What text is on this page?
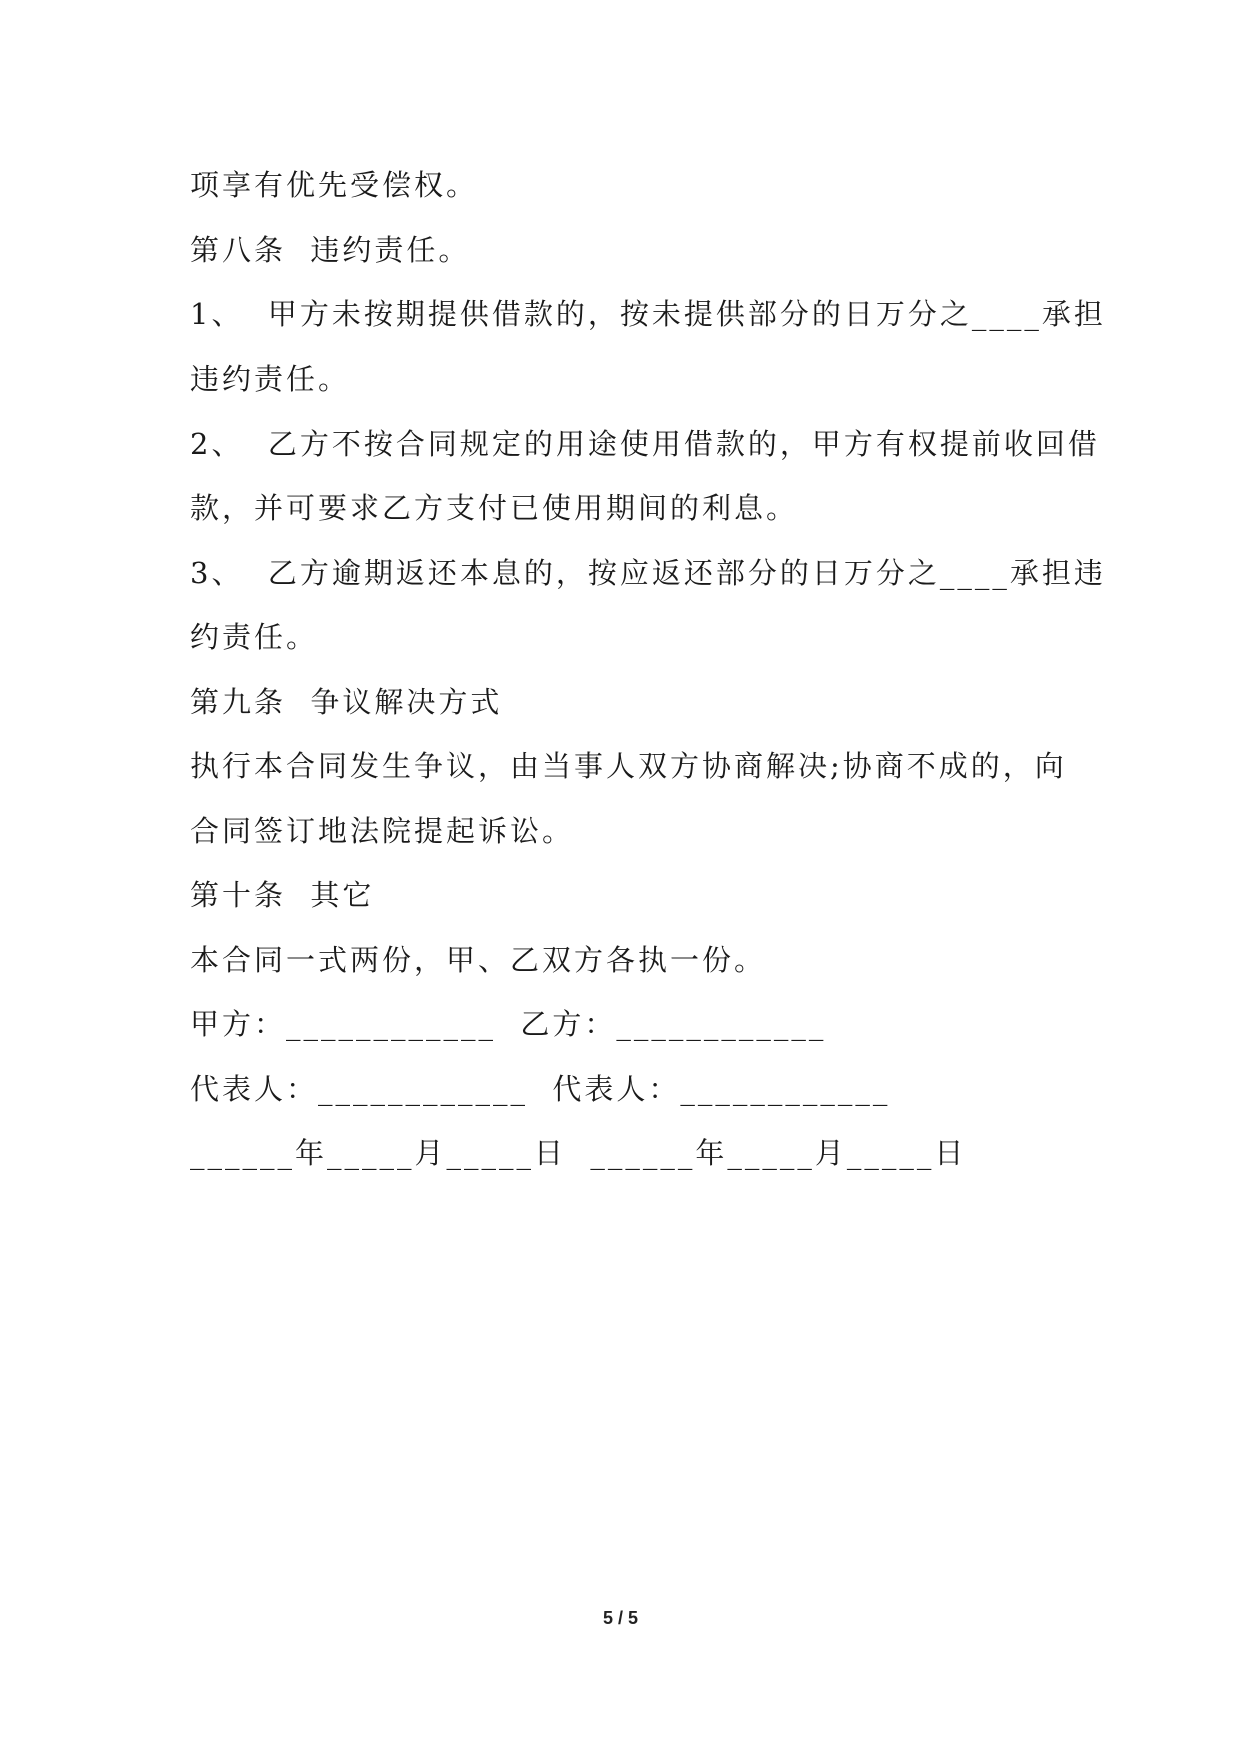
项享有优先受偿权。
第八条  违约责任。
1、  甲方未按期提供借款的，按未提供部分的日万分之____承担
违约责任。
2、  乙方不按合同规定的用途使用借款的，甲方有权提前收回借
款，并可要求乙方支付已使用期间的利息。
3、  乙方逾期返还本息的，按应返还部分的日万分之____承担违
约责任。
第九条  争议解决方式
执行本合同发生争议，由当事人双方协商解决;协商不成的，向
合同签订地法院提起诉讼。
第十条  其它
本合同一式两份，甲、乙双方各执一份。
甲方：____________  乙方：____________
代表人：____________  代表人：____________
______年_____月_____日  ______年_____月_____日
5 / 5
